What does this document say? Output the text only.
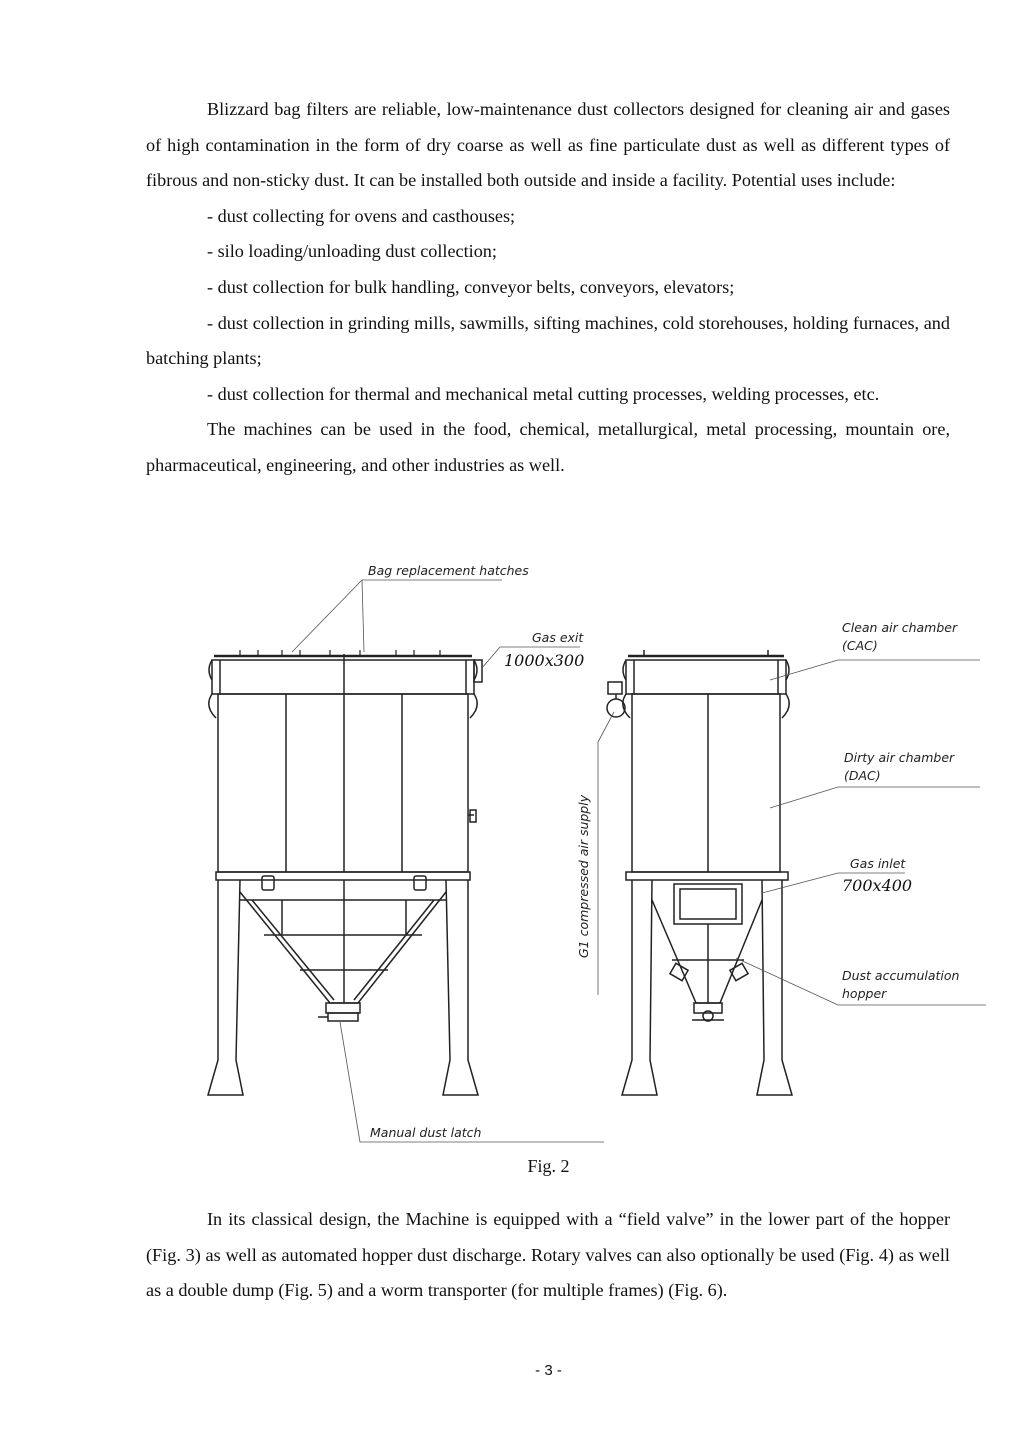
Blizzard bag filters are reliable, low-maintenance dust collectors designed for cleaning air and gases of high contamination in the form of dry coarse as well as fine particulate dust as well as different types of fibrous and non-sticky dust. It can be installed both outside and inside a facility. Potential uses include:

- dust collecting for ovens and casthouses;

- silo loading/unloading dust collection;

- dust collection for bulk handling, conveyor belts, conveyors, elevators;

- dust collection in grinding mills, sawmills, sifting machines, cold storehouses, holding furnaces, and batching plants;

- dust collection for thermal and mechanical metal cutting processes, welding processes, etc.

The machines can be used in the food, chemical, metallurgical, metal processing, mountain ore, pharmaceutical, engineering, and other industries as well.

Bag replacement hatches
Gas exit
1000x300
Clean air chamber
(CAC)
Dirty air chamber
(DAC)
Gas inlet
700x400
Dust accumulation
hopper
G1 compressed air supply
Manual dust latch
Fig. 2

In its classical design, the Machine is equipped with a “field valve” in the lower part of the hopper (Fig. 3) as well as automated hopper dust discharge. Rotary valves can also optionally be used (Fig. 4) as well as a double dump (Fig. 5) and a worm transporter (for multiple frames) (Fig. 6).

- 3 -
